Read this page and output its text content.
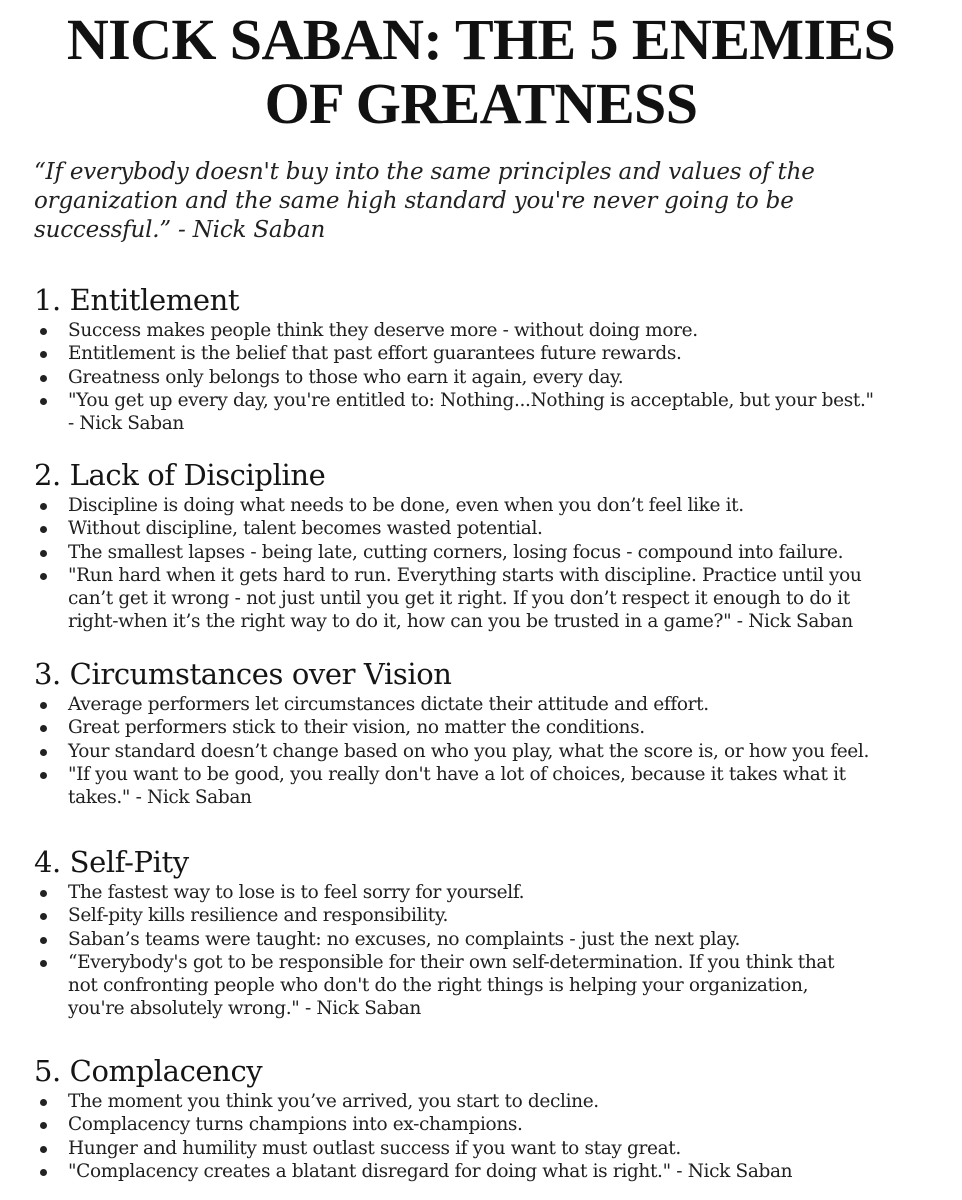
NICK SABAN: THE 5 ENEMIES
OF GREATNESS

“If everybody doesn't buy into the same principles and values of the
organization and the same high standard you're never going to be
successful.” - Nick Saban

1. Entitlement
Success makes people think they deserve more - without doing more.
Entitlement is the belief that past effort guarantees future rewards.
Greatness only belongs to those who earn it again, every day.
"You get up every day, you're entitled to: Nothing...Nothing is acceptable, but your best."
- Nick Saban
2. Lack of Discipline
Discipline is doing what needs to be done, even when you don’t feel like it.
Without discipline, talent becomes wasted potential.
The smallest lapses - being late, cutting corners, losing focus - compound into failure.
"Run hard when it gets hard to run. Everything starts with discipline. Practice until you
can’t get it wrong - not just until you get it right. If you don’t respect it enough to do it
right-when it’s the right way to do it, how can you be trusted in a game?" - Nick Saban
3. Circumstances over Vision
Average performers let circumstances dictate their attitude and effort.
Great performers stick to their vision, no matter the conditions.
Your standard doesn’t change based on who you play, what the score is, or how you feel.
"If you want to be good, you really don't have a lot of choices, because it takes what it
takes." - Nick Saban
4. Self-Pity
The fastest way to lose is to feel sorry for yourself.
Self-pity kills resilience and responsibility.
Saban’s teams were taught: no excuses, no complaints - just the next play.
“Everybody's got to be responsible for their own self-determination. If you think that
not confronting people who don't do the right things is helping your organization,
you're absolutely wrong." - Nick Saban
5. Complacency
The moment you think you’ve arrived, you start to decline.
Complacency turns champions into ex-champions.
Hunger and humility must outlast success if you want to stay great.
"Complacency creates a blatant disregard for doing what is right." - Nick Saban
